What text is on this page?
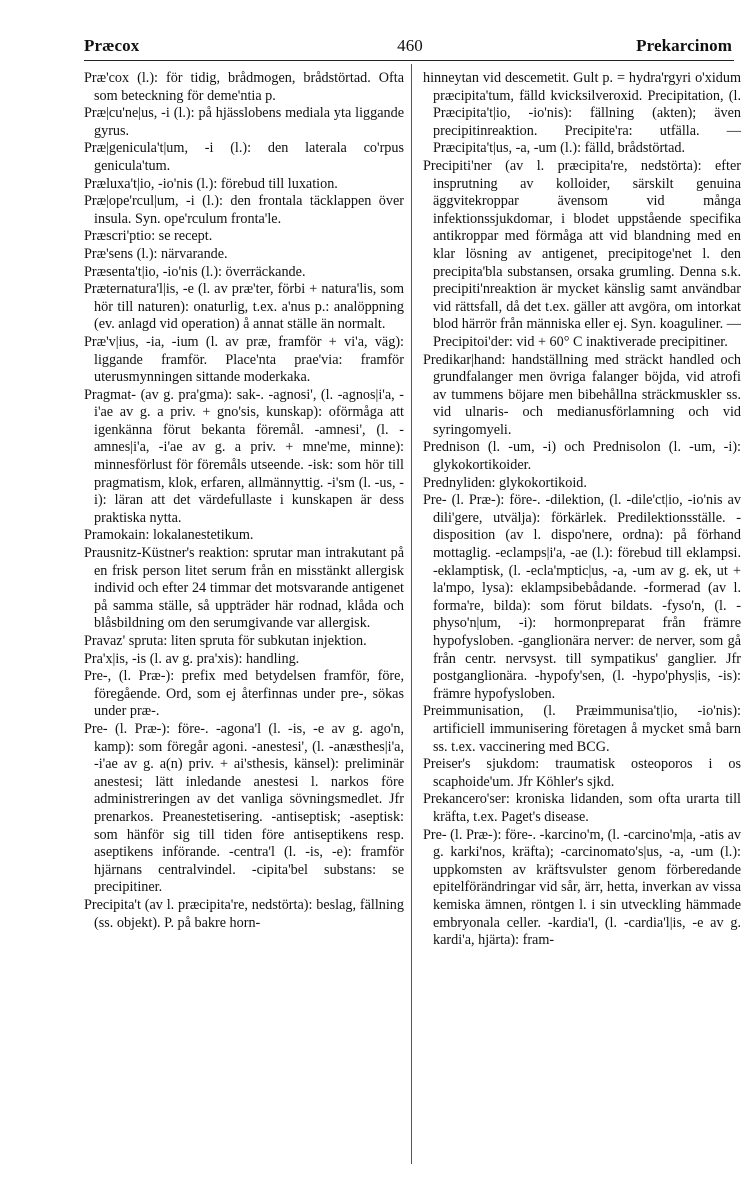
Præcox	460	Prekarcinom
Præ'cox (l.): för tidig, brådmogen, brådstörtad. Ofta som beteckning för deme'ntia p.
Præ|cu'ne|us, -i (l.): på hjässlobens mediala yta liggande gyrus.
Præ|genicula't|um, -i (l.): den laterala co'rpus genicula'tum.
Præluxa't|io, -io'nis (l.): förebud till luxation.
Præ|ope'rcul|um, -i (l.): den frontala täcklappen över insula. Syn. ope'rculum fronta'le.
Præscri'ptio: se recept.
Præ'sens (l.): närvarande.
Præsenta't|io, -io'nis (l.): överräckande.
Præternatura'l|is, -e (l. av præ'ter, förbi + natura'lis, som hör till naturen): onaturlig, t.ex. a'nus p.: analöppning (ev. anlagd vid operation) å annat ställe än normalt.
Præ'v|ius, -ia, -ium (l. av præ, framför + vi'a, väg): liggande framför. Place'nta prae'via: framför uterusmynningen sittande moderkaka.
Pragmat- (av g. pra'gma): sak-. -agnosi', (l. -agnos|i'a, -i'ae av g. a priv. + gno'sis, kunskap): oförmåga att igenkänna förut bekanta föremål. -amnesi', (l. -amnes|i'a, -i'ae av g. a priv. + mne'me, minne): minnesförlust för föremåls utseende. -isk: som hör till pragmatism, klok, erfaren, allmännyttig. -i'sm (l. -us, -i): läran att det värdefullaste i kunskapen är dess praktiska nytta.
Pramokain: lokalanestetikum.
Prausnitz-Küstner's reaktion: sprutar man intrakutant på en frisk person litet serum från en misstänkt allergisk individ och efter 24 timmar det motsvarande antigenet på samma ställe, så uppträder här rodnad, klåda och blåsbildning om den serumgivande var allergisk.
Pravaz' spruta: liten spruta för subkutan injektion.
Pra'x|is, -is (l. av g. pra'xis): handling.
Pre-, (l. Præ-): prefix med betydelsen framför, före, föregående. Ord, som ej återfinnas under pre-, sökas under præ-.
Pre- (l. Præ-): före-. -agona'l (l. -is, -e av g. ago'n, kamp): som föregår agoni. -anestesi', (l. -anæsthes|i'a, -i'ae av g. a(n) priv. + ai'sthesis, känsel): preliminär anestesi; lätt inledande anestesi l. narkos före administreringen av det vanliga sövningsmedlet. Jfr prenarkos. Preanestetisering. -antiseptisk; -aseptisk: som hänför sig till tiden före antiseptikens resp. aseptikens införande. -centra'l (l. -is, -e): framför hjärnans centralvindel. -cipita'bel substans: se precipitiner.
Precipita't (av l. præcipita're, nedstörta): beslag, fällning (ss. objekt). P. på bakre horn-
hinneytan vid descemetit. Gult p. = hydra'rgyri o'xidum præcipita'tum, fälld kvicksilveroxid. Precipitation, (l. Præcipita't|io, -io'nis): fällning (akten); även precipitinreaktion. Precipite'ra: utfälla. — Præcipita't|us, -a, -um (l.): fälld, brådstörtad.
Precipiti'ner (av l. præcipita're, nedstörta): efter insprutning av kolloider, särskilt genuina äggvitekroppar ävensom vid många infektionssjukdomar, i blodet uppstående specifika antikroppar med förmåga att vid blandning med en klar lösning av antigenet, precipitoge'net l. den precipita'bla substansen, orsaka grumling. Denna s.k. precipiti'nreaktion är mycket känslig samt användbar vid rättsfall, då det t.ex. gäller att avgöra, om intorkat blod härrör från människa eller ej. Syn. koaguliner. — Precipitoi'der: vid + 60° C inaktiverade precipitiner.
Predikar|hand: handställning med sträckt handled och grundfalanger men övriga falanger böjda, vid atrofi av tummens böjare men bibehållna sträckmuskler ss. vid ulnaris- och medianusförlamning och vid syringomyeli.
Prednison (l. -um, -i) och Prednisolon (l. -um, -i): glykokortikoider.
Prednyliden: glykokortikoid.
Pre- (l. Præ-): före-. -dilektion, (l. -dile'ct|io, -io'nis av dili'gere, utvälja): förkärlek. Predilektionsställe. -disposition (av l. dispo'nere, ordna): på förhand mottaglig. -eclamps|i'a, -ae (l.): förebud till eklampsi. -eklamptisk, (l. -ecla'mptic|us, -a, -um av g. ek, ut + la'mpo, lysa): eklampsibebådande. -formerad (av l. forma're, bilda): som förut bildats. -fyso'n, (l. -physo'n|um, -i): hormonpreparat från främre hypofysloben. -ganglionära nerver: de nerver, som gå från centr. nervsyst. till sympatikus' ganglier. Jfr postganglionära. -hypofy'sen, (l. -hypo'phys|is, -is): främre hypofysloben.
Preimmunisation, (l. Præimmunisa't|io, -io'nis): artificiell immunisering företagen å mycket små barn ss. t.ex. vaccinering med BCG.
Preiser's sjukdom: traumatisk osteoporos i os scaphoide'um. Jfr Köhler's sjkd.
Prekancero'ser: kroniska lidanden, som ofta urarta till kräfta, t.ex. Paget's disease.
Pre- (l. Præ-): före-. -karcino'm, (l. -carcino'm|a, -atis av g. karki'nos, kräfta); -carcinomato's|us, -a, -um (l.): uppkomsten av kräftsvulster genom förberedande epitelförändringar vid sår, ärr, hetta, inverkan av vissa kemiska ämnen, röntgen l. i sin utveckling hämmade embryonala celler. -kardia'l, (l. -cardia'l|is, -e av g. kardi'a, hjärta): fram-
